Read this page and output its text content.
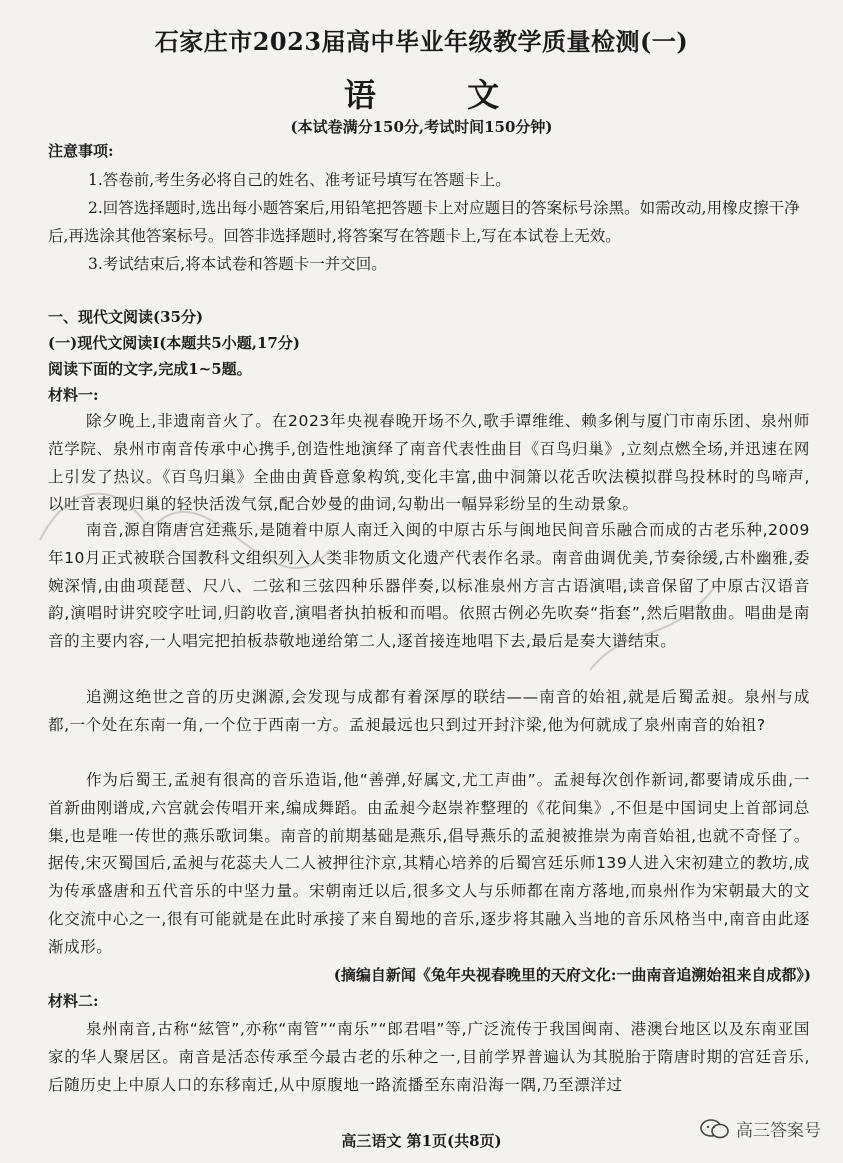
石家庄市2023届高中毕业年级教学质量检测(一)
语 文
(本试卷满分150分,考试时间150分钟)
注意事项:
1.答卷前,考生务必将自己的姓名、准考证号填写在答题卡上。
2.回答选择题时,选出每小题答案后,用铅笔把答题卡上对应题目的答案标号涂黑。如需改动,用橡皮擦干净后,再选涂其他答案标号。回答非选择题时,将答案写在答题卡上,写在本试卷上无效。
3.考试结束后,将本试卷和答题卡一并交回。
一、现代文阅读(35分)
(一)现代文阅读Ⅰ(本题共5小题,17分)
阅读下面的文字,完成1~5题。
材料一:
除夕晚上,非遗南音火了。在2023年央视春晚开场不久,歌手谭维维、赖多俐与厦门市南乐团、泉州师范学院、泉州市南音传承中心携手,创造性地演绎了南音代表性曲目《百鸟归巢》,立刻点燃全场,并迅速在网上引发了热议。《百鸟归巢》全曲由黄昏意象构筑,变化丰富,曲中洞箫以花舌吹法模拟群鸟投林时的鸟啼声,以吐音表现归巢的轻快活泼气氛,配合妙曼的曲词,勾勒出一幅异彩纷呈的生动景象。
南音,源自隋唐宫廷燕乐,是随着中原人南迁入闽的中原古乐与闽地民间音乐融合而成的古老乐种,2009年10月正式被联合国教科文组织列入人类非物质文化遗产代表作名录。南音曲调优美,节奏徐缓,古朴幽雅,委婉深情,由曲项琵琶、尺八、二弦和三弦四种乐器伴奏,以标准泉州方言古语演唱,读音保留了中原古汉语音韵,演唱时讲究咬字吐词,归韵收音,演唱者执拍板和而唱。依照古例必先吹奏“指套”,然后唱散曲。唱曲是南音的主要内容,一人唱完把拍板恭敬地递给第二人,逐首接连地唱下去,最后是奏大谱结束。
追溯这绝世之音的历史渊源,会发现与成都有着深厚的联结——南音的始祖,就是后蜀孟昶。泉州与成都,一个处在东南一角,一个位于西南一方。孟昶最远也只到过开封汴梁,他为何就成了泉州南音的始祖?
作为后蜀王,孟昶有很高的音乐造诣,他“善弹,好属文,尤工声曲”。孟昶每次创作新词,都要请成乐曲,一首新曲刚谱成,六宫就会传唱开来,编成舞蹈。由孟昶今赵崇祚整理的《花间集》,不但是中国词史上首部词总集,也是唯一传世的燕乐歌词集。南音的前期基础是燕乐,倡导燕乐的孟昶被推崇为南音始祖,也就不奇怪了。据传,宋灭蜀国后,孟昶与花蕊夫人二人被押往汴京,其精心培养的后蜀宫廷乐师139人进入宋初建立的教坊,成为传承盛唐和五代音乐的中坚力量。宋朝南迁以后,很多文人与乐师都在南方落地,而泉州作为宋朝最大的文化交流中心之一,很有可能就是在此时承接了来自蜀地的音乐,逐步将其融入当地的音乐风格当中,南音由此逐渐成形。
(摘编自新闻《兔年央视春晚里的天府文化:一曲南音追溯始祖来自成都》)
材料二:
泉州南音,古称“絃管”,亦称“南管”“南乐”“郎君唱”等,广泛流传于我国闽南、港澳台地区以及东南亚国家的华人聚居区。南音是活态传承至今最古老的乐种之一,目前学界普遍认为其脱胎于隋唐时期的宫廷音乐,后随历史上中原人口的东移南迁,从中原腹地一路流播至东南沿海一隅,乃至漂洋过
高三语文 第1页(共8页)	高三答案号
